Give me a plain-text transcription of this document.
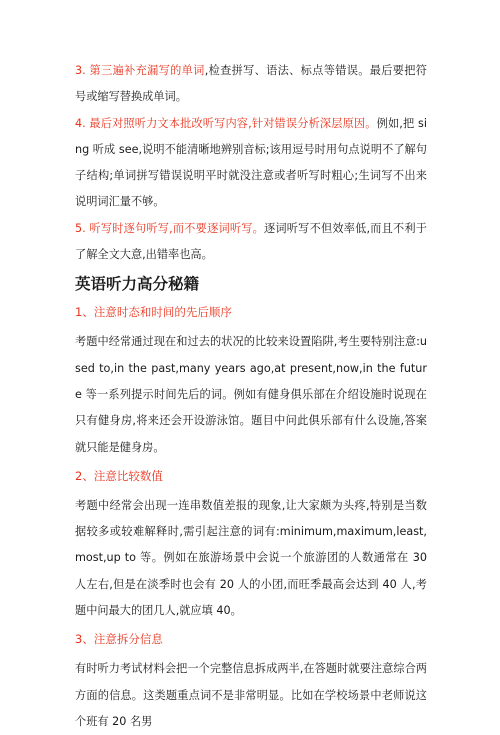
3. 第三遍补充漏写的单词,检查拼写、语法、标点等错误。最后要把符号或缩写替换成单词。

4. 最后对照听力文本批改听写内容,针对错误分析深层原因。例如,把 sing 听成 see,说明不能清晰地辨别音标;该用逗号时用句点说明不了解句子结构;单词拼写错误说明平时就没注意或者听写时粗心;生词写不出来说明词汇量不够。

5. 听写时逐句听写,而不要逐词听写。逐词听写不但效率低,而且不利于了解全文大意,出错率也高。

英语听力高分秘籍
1、注意时态和时间的先后顺序

考题中经常通过现在和过去的状况的比较来设置陷阱,考生要特别注意:used to,in the past,many years ago,at present,now,in the future 等一系列提示时间先后的词。例如有健身俱乐部在介绍设施时说现在只有健身房,将来还会开设游泳馆。题目中问此俱乐部有什么设施,答案就只能是健身房。

2、注意比较数值

考题中经常会出现一连串数值差报的现象,让大家颇为头疼,特别是当数据较多或较难解释时,需引起注意的词有:minimum,maximum,least,most,up to 等。例如在旅游场景中会说一个旅游团的人数通常在 30 人左右,但是在淡季时也会有 20 人的小团,而旺季最高会达到 40 人,考题中问最大的团几人,就应填 40。

3、注意拆分信息

有时听力考试材料会把一个完整信息拆成两半,在答题时就要注意综合两方面的信息。这类题重点词不是非常明显。比如在学校场景中老师说这个班有 20 名男
